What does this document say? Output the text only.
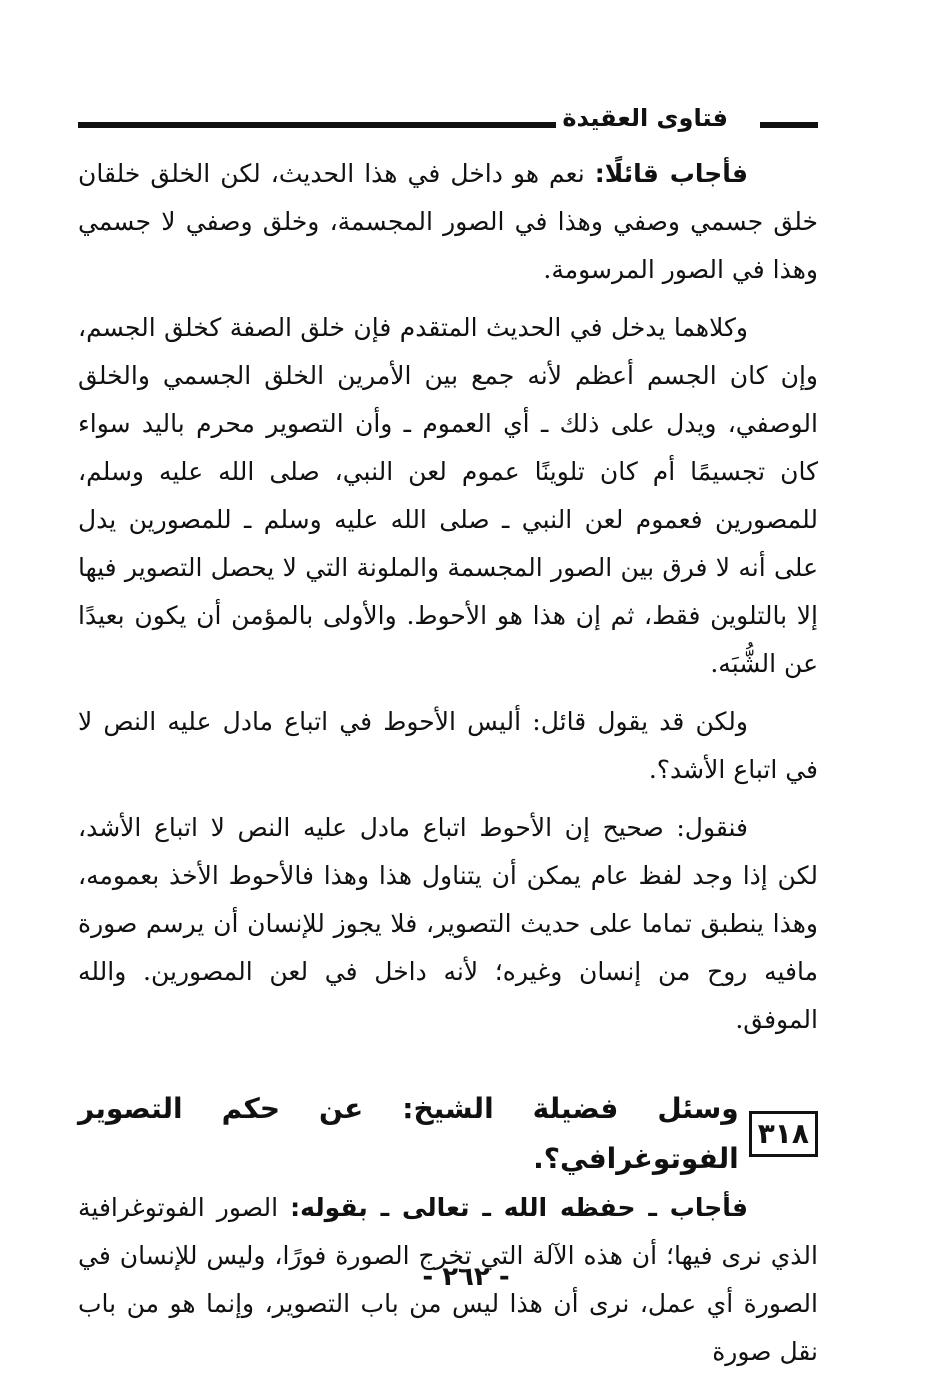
فتاوى العقيدة

فأجاب قائلًا: نعم هو داخل في هذا الحديث، لكن الخلق خلقان خلق جسمي وصفي وهذا في الصور المجسمة، وخلق وصفي لا جسمي وهذا في الصور المرسومة.

وكلاهما يدخل في الحديث المتقدم فإن خلق الصفة كخلق الجسم، وإن كان الجسم أعظم لأنه جمع بين الأمرين الخلق الجسمي والخلق الوصفي، ويدل على ذلك ـ أي العموم ـ وأن التصوير محرم باليد سواء كان تجسيمًا أم كان تلوينًا عموم لعن النبي، صلى الله عليه وسلم، للمصورين فعموم لعن النبي ـ صلى الله عليه وسلم ـ للمصورين يدل على أنه لا فرق بين الصور المجسمة والملونة التي لا يحصل التصوير فيها إلا بالتلوين فقط، ثم إن هذا هو الأحوط. والأولى بالمؤمن أن يكون بعيدًا عن الشُّبَه.

ولكن قد يقول قائل: أليس الأحوط في اتباع مادل عليه النص لا في اتباع الأشد؟.

فنقول: صحيح إن الأحوط اتباع مادل عليه النص لا اتباع الأشد، لكن إذا وجد لفظ عام يمكن أن يتناول هذا وهذا فالأحوط الأخذ بعمومه، وهذا ينطبق تماما على حديث التصوير، فلا يجوز للإنسان أن يرسم صورة مافيه روح من إنسان وغيره؛ لأنه داخل في لعن المصورين. والله الموفق.

٣١٨
وسئل فضيلة الشيخ: عن حكم التصوير الفوتوغرافي؟.

فأجاب ـ حفظه الله ـ تعالى ـ بقوله: الصور الفوتوغرافية الذي نرى فيها؛ أن هذه الآلة التي تخرج الصورة فورًا، وليس للإنسان في الصورة أي عمل، نرى أن هذا ليس من باب التصوير، وإنما هو من باب نقل صورة

- ٢٦٢ -
